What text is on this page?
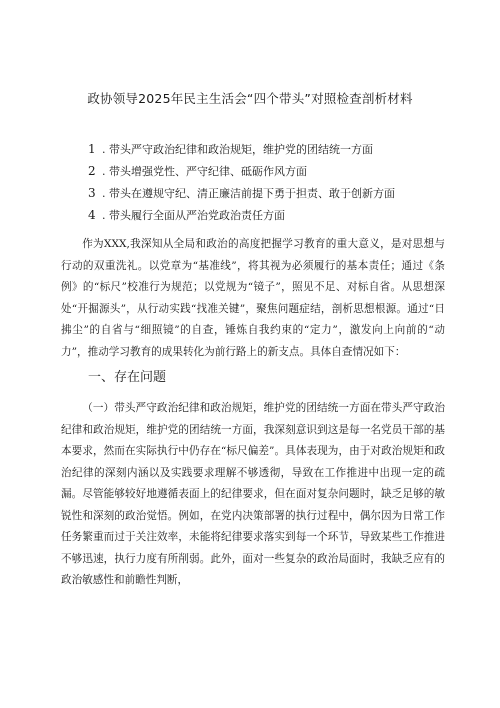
政协领导2025年民主生活会“四个带头”对照检查剖析材料
1 . 带头严守政治纪律和政治规矩，维护党的团结统一方面
2 . 带头增强党性、严守纪律、砥砺作风方面
3 . 带头在遵规守纪、清正廉洁前提下勇于担责、敢于创新方面
4 . 带头履行全面从严治党政治责任方面

作为XXX,我深知从全局和政治的高度把握学习教育的重大意义，是对思想与行动的双重洗礼。以党章为“基准线”，将其视为必须履行的基本责任；通过《条例》的“标尺”校准行为规范；以党规为“镜子”，照见不足、对标自省。从思想深处“开掘源头”，从行动实践“找准关键”，聚焦问题症结，剖析思想根源。通过“日拂尘”的自省与“细照镜”的自查，锤炼自我约束的“定力”，激发向上向前的“动力”，推动学习教育的成果转化为前行路上的新支点。具体自查情况如下：

一、存在问题

（一）带头严守政治纪律和政治规矩，维护党的团结统一方面在带头严守政治纪律和政治规矩，维护党的团结统一方面，我深刻意识到这是每一名党员干部的基本要求，然而在实际执行中仍存在“标尺偏差”。具体表现为，由于对政治规矩和政治纪律的深刻内涵以及实践要求理解不够透彻，导致在工作推进中出现一定的疏漏。尽管能够较好地遵循表面上的纪律要求，但在面对复杂问题时，缺乏足够的敏锐性和深刻的政治觉悟。例如，在党内决策部署的执行过程中，偶尔因为日常工作任务繁重而过于关注效率，未能将纪律要求落实到每一个环节，导致某些工作推进不够迅速，执行力度有所削弱。此外，面对一些复杂的政治局面时，我缺乏应有的政治敏感性和前瞻性判断，
